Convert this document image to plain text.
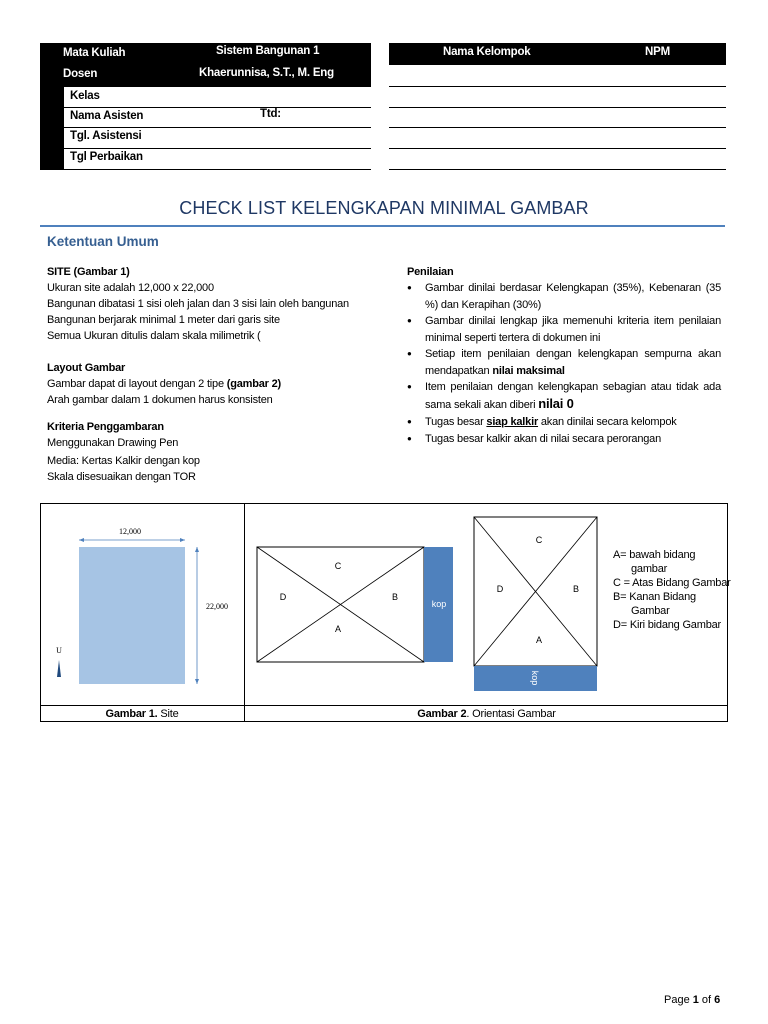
Mata Kuliah	Sistem Bangunan 1
Dosen	Khaerunnisa, S.T., M. Eng
Kelas
Nama Asisten	Ttd:
Tgl. Asistensi
Tgl Perbaikan
Nama Kelompok	NPM
CHECK LIST KELENGKAPAN MINIMAL GAMBAR
Ketentuan Umum
SITE (Gambar 1)
Ukuran site adalah 12,000 x 22,000
Bangunan dibatasi 1 sisi oleh jalan dan 3 sisi lain oleh bangunan
Bangunan berjarak minimal 1 meter dari garis site
Semua Ukuran ditulis dalam skala milimetrik (
Layout Gambar
Gambar dapat di layout dengan 2 tipe (gambar 2)
Arah gambar dalam 1 dokumen harus konsisten
Kriteria Penggambaran
Menggunakan Drawing Pen
Media: Kertas Kalkir dengan kop
Skala disesuaikan dengan TOR
Penilaian
● Gambar dinilai berdasar Kelengkapan (35%), Kebenaran (35 %) dan Kerapihan (30%)
● Gambar dinilai lengkap jika memenuhi kriteria item penilaian minimal seperti tertera di dokumen ini
● Setiap item penilaian dengan kelengkapan sempurna akan mendapatkan nilai maksimal
● Item penilaian dengan kelengkapan sebagian atau tidak ada sama sekali akan diberi nilai 0
● Tugas besar siap kalkir akan dinilai secara kelompok
● Tugas besar kalkir akan di nilai secara perorangan
12,000
22,000
U
C
D	B
A
kop
C
D	B
A
kop
A= bawah bidang gambar
C = Atas Bidang Gambar
B= Kanan Bidang Gambar
D= Kiri bidang Gambar
Gambar 1. Site	Gambar 2. Orientasi Gambar
Page 1 of 6
